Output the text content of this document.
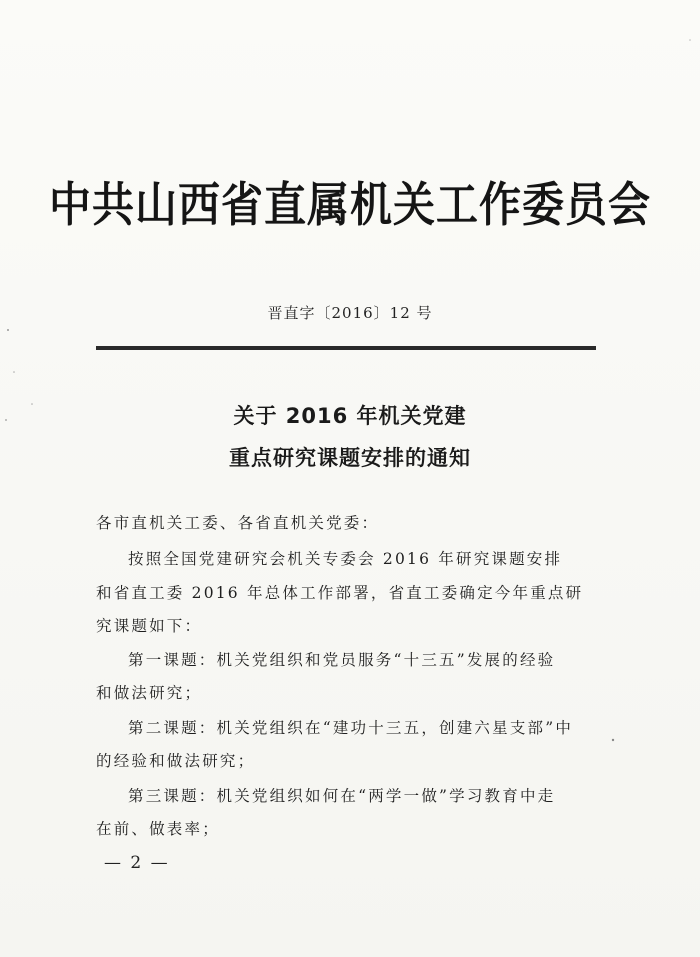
中共山西省直属机关工作委员会
晋直字〔2016〕12 号
关于 2016 年机关党建
重点研究课题安排的通知
各市直机关工委、各省直机关党委：
按照全国党建研究会机关专委会 2016 年研究课题安排
和省直工委 2016 年总体工作部署，省直工委确定今年重点研
究课题如下：
第一课题：机关党组织和党员服务“十三五”发展的经验
和做法研究；
第二课题：机关党组织在“建功十三五，创建六星支部”中
的经验和做法研究；
第三课题：机关党组织如何在“两学一做”学习教育中走
在前、做表率；
— 2 —
